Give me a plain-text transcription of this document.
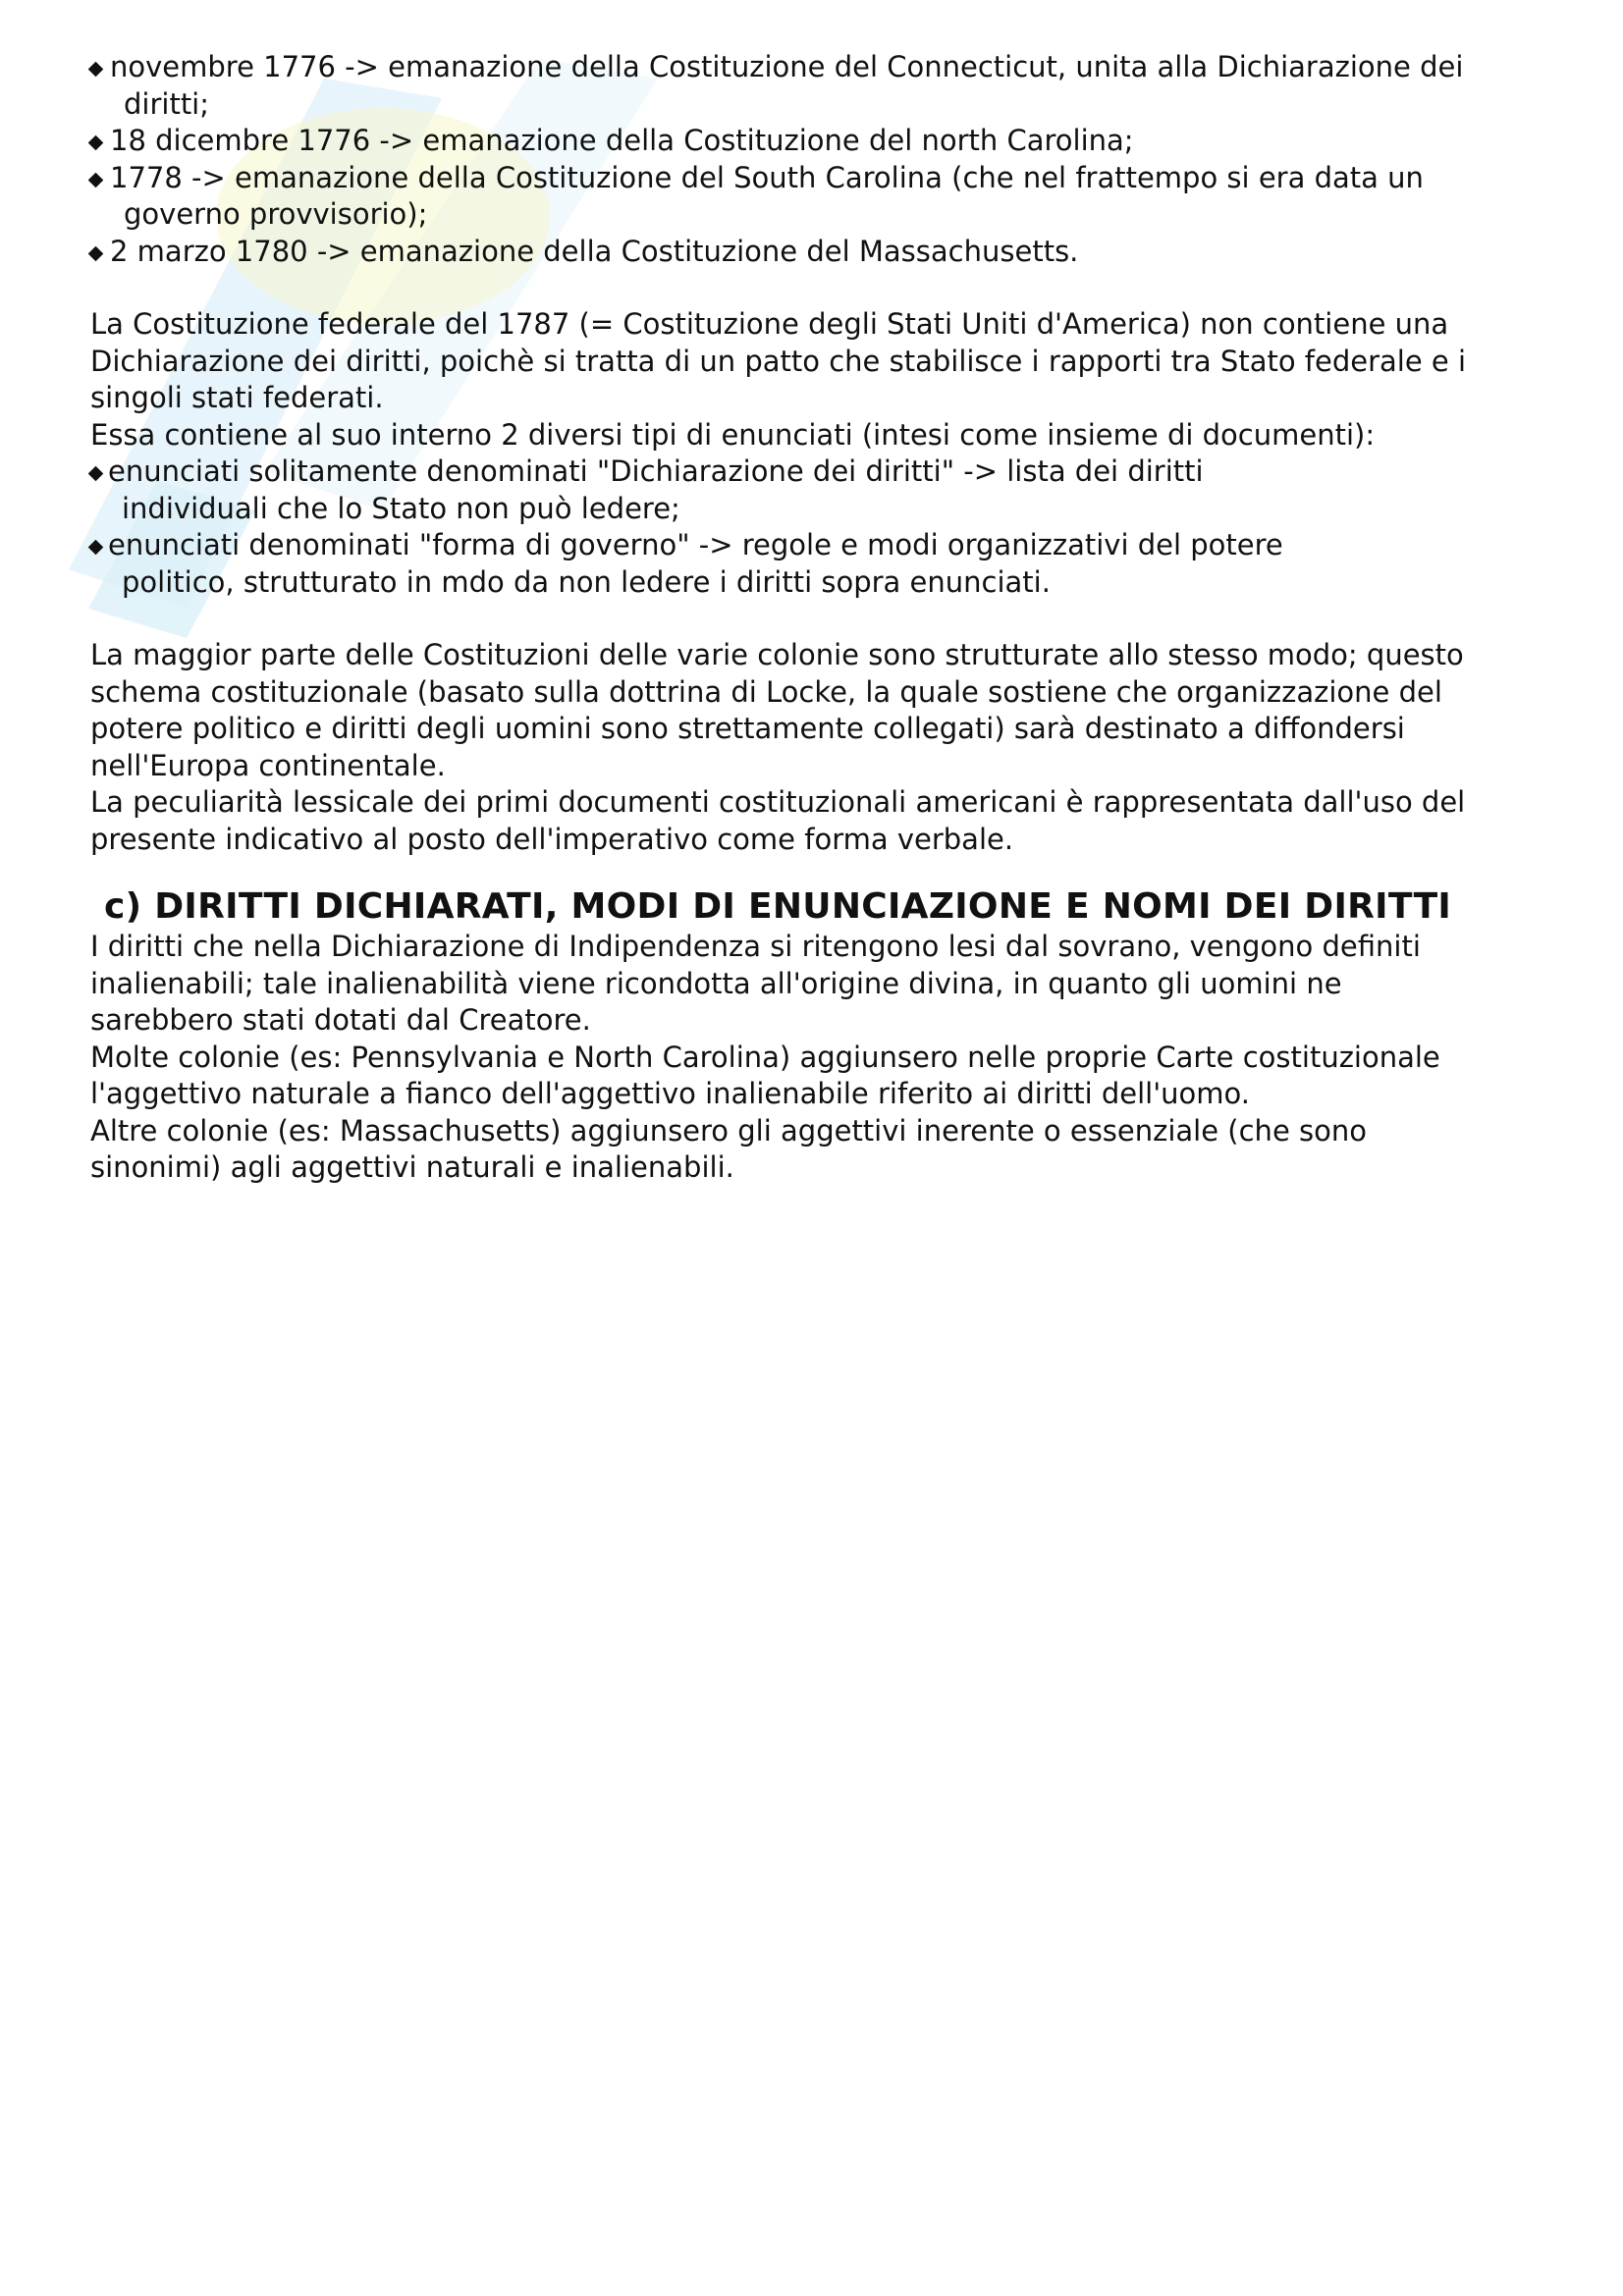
novembre 1776 -> emanazione della Costituzione del Connecticut, unita alla Dichiarazione dei
diritti;
18 dicembre 1776 -> emanazione della Costituzione del north Carolina;
1778 -> emanazione della Costituzione del South Carolina (che nel frattempo si era data un
governo provvisorio);
2 marzo 1780 -> emanazione della Costituzione del Massachusetts.

La Costituzione federale del 1787 (= Costituzione degli Stati Uniti d'America) non contiene una
Dichiarazione dei diritti, poichè si tratta di un patto che stabilisce i rapporti tra Stato federale e i
singoli stati federati.

Essa contiene al suo interno 2 diversi tipi di enunciati (intesi come insieme di documenti):

enunciati solitamente denominati "Dichiarazione dei diritti" -> lista dei diritti
individuali che lo Stato non può ledere;
enunciati denominati "forma di governo" -> regole e modi organizzativi del potere
politico, strutturato in mdo da non ledere i diritti sopra enunciati.

La maggior parte delle Costituzioni delle varie colonie sono strutturate allo stesso modo; questo
schema costituzionale (basato sulla dottrina di Locke, la quale sostiene che organizzazione del
potere politico e diritti degli uomini sono strettamente collegati) sarà destinato a diffondersi
nell'Europa continentale.

La peculiarità lessicale dei primi documenti costituzionali americani è rappresentata dall'uso del
presente indicativo al posto dell'imperativo come forma verbale.

c) DIRITTI DICHIARATI, MODI DI ENUNCIAZIONE E NOMI DEI DIRITTI

I diritti che nella Dichiarazione di Indipendenza si ritengono lesi dal sovrano, vengono definiti
inalienabili; tale inalienabilità viene ricondotta all'origine divina, in quanto gli uomini ne
sarebbero stati dotati dal Creatore.

Molte colonie (es: Pennsylvania e North Carolina) aggiunsero nelle proprie Carte costituzionale
l'aggettivo naturale a fianco dell'aggettivo inalienabile riferito ai diritti dell'uomo.

Altre colonie (es: Massachusetts) aggiunsero gli aggettivi inerente o essenziale (che sono
sinonimi) agli aggettivi naturali e inalienabili.
